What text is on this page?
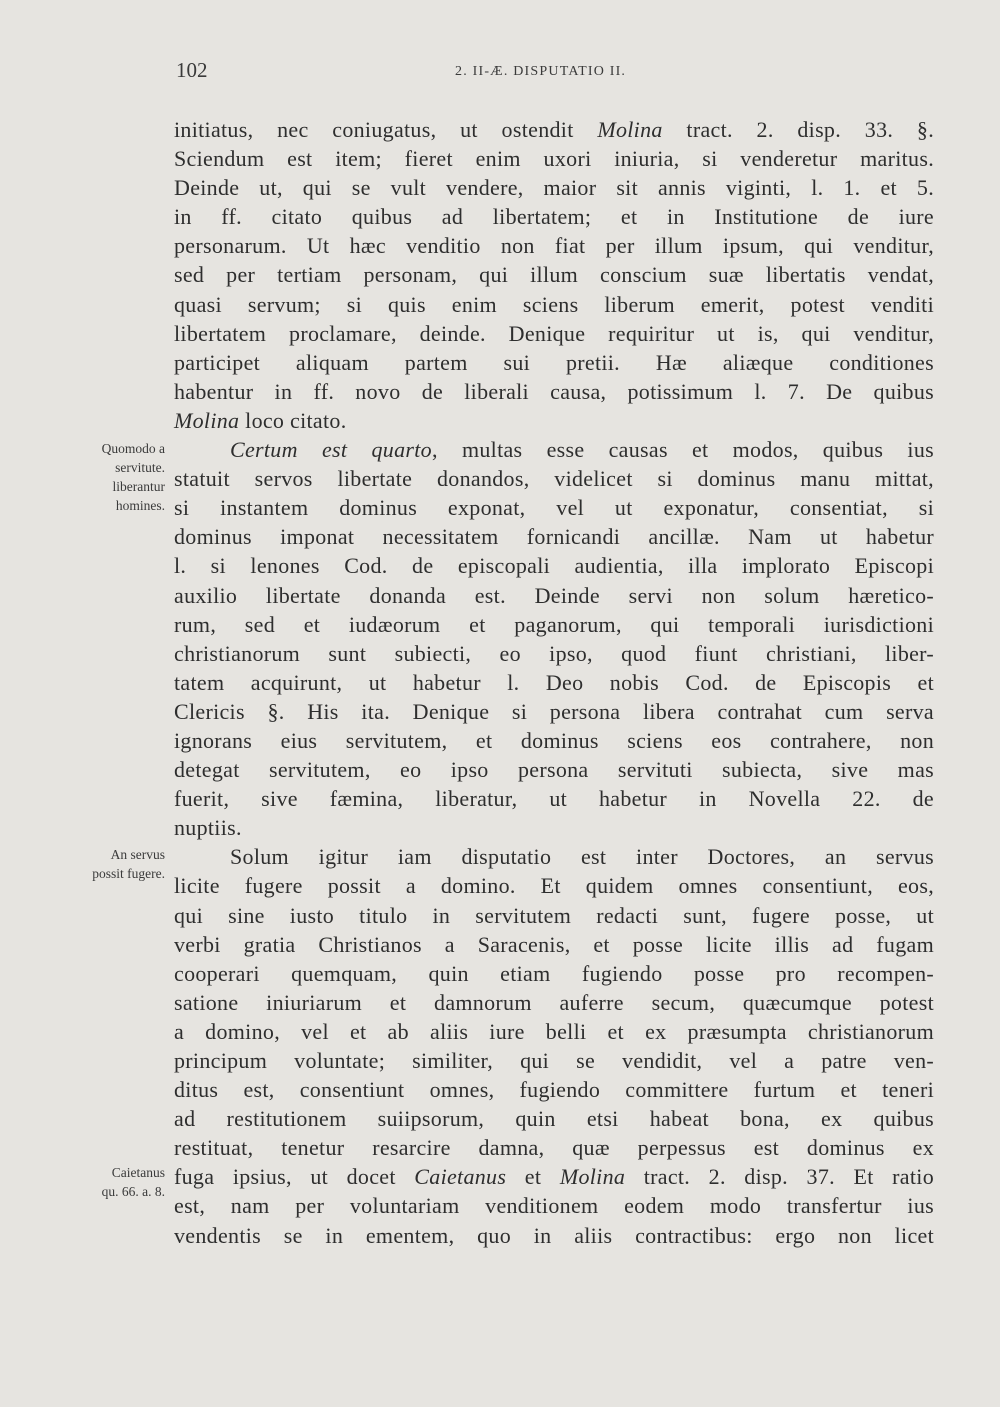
102	2. II-Æ. DISPUTATIO II.
Quomodo a
servitute.
liberantur
homines.
An servus
possit fugere.
Caietanus
qu. 66. a. 8.
initiatus, nec coniugatus, ut ostendit Molina tract. 2. disp. 33. §.
Sciendum est item; fieret enim uxori iniuria, si venderetur maritus.
Deinde ut, qui se vult vendere, maior sit annis viginti, l. 1. et 5.
in ff. citato quibus ad libertatem; et in Institutione de iure
personarum. Ut hæc venditio non fiat per illum ipsum, qui venditur,
sed per tertiam personam, qui illum conscium suæ libertatis vendat,
quasi servum; si quis enim sciens liberum emerit, potest venditi
libertatem proclamare, deinde. Denique requiritur ut is, qui venditur,
participet aliquam partem sui pretii. Hæ aliæque conditiones
habentur in ff. novo de liberali causa, potissimum l. 7. De quibus
Molina loco citato.
Certum est quarto, multas esse causas et modos, quibus ius
statuit servos libertate donandos, videlicet si dominus manu mittat,
si instantem dominus exponat, vel ut exponatur, consentiat, si
dominus imponat necessitatem fornicandi ancillæ. Nam ut habetur
l. si lenones Cod. de episcopali audientia, illa implorato Episcopi
auxilio libertate donanda est. Deinde servi non solum hæretico-
rum, sed et iudæorum et paganorum, qui temporali iurisdictioni
christianorum sunt subiecti, eo ipso, quod fiunt christiani, liber-
tatem acquirunt, ut habetur l. Deo nobis Cod. de Episcopis et
Clericis §. His ita. Denique si persona libera contrahat cum serva
ignorans eius servitutem, et dominus sciens eos contrahere, non
detegat servitutem, eo ipso persona servituti subiecta, sive mas
fuerit, sive fæmina, liberatur, ut habetur in Novella 22. de
nuptiis.
Solum igitur iam disputatio est inter Doctores, an servus
licite fugere possit a domino. Et quidem omnes consentiunt, eos,
qui sine iusto titulo in servitutem redacti sunt, fugere posse, ut
verbi gratia Christianos a Saracenis, et posse licite illis ad fugam
cooperari quemquam, quin etiam fugiendo posse pro recompen-
satione iniuriarum et damnorum auferre secum, quæcumque potest
a domino, vel et ab aliis iure belli et ex præsumpta christianorum
principum voluntate; similiter, qui se vendidit, vel a patre ven-
ditus est, consentiunt omnes, fugiendo committere furtum et teneri
ad restitutionem suiipsorum, quin etsi habeat bona, ex quibus
restituat, tenetur resarcire damna, quæ perpessus est dominus ex
fuga ipsius, ut docet Caietanus et Molina tract. 2. disp. 37. Et ratio
est, nam per voluntariam venditionem eodem modo transfertur ius
vendentis se in ementem, quo in aliis contractibus: ergo non licet
